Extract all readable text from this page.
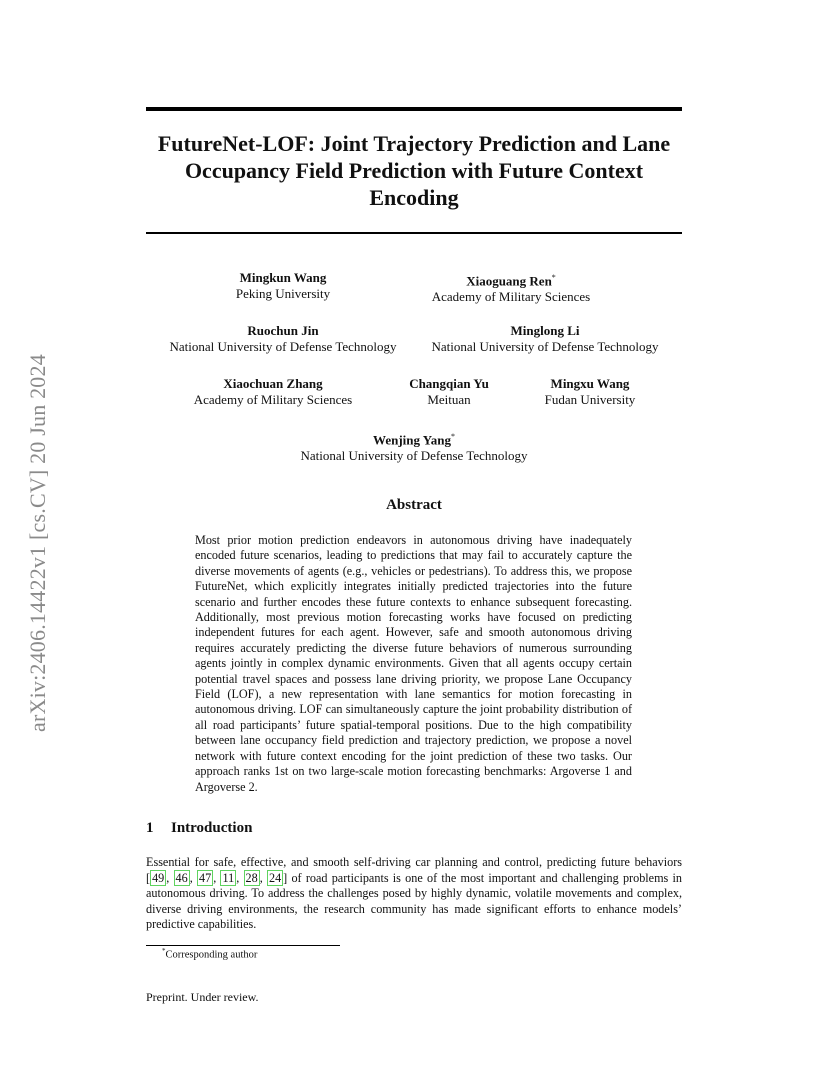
arXiv:2406.14422v1 [cs.CV] 20 Jun 2024
FutureNet-LOF: Joint Trajectory Prediction and Lane
Occupancy Field Prediction with Future Context
Encoding
Mingkun Wang
Peking University
Xiaoguang Ren*
Academy of Military Sciences
Ruochun Jin
National University of Defense Technology
Minglong Li
National University of Defense Technology
Xiaochuan Zhang
Academy of Military Sciences
Changqian Yu
Meituan
Mingxu Wang
Fudan University
Wenjing Yang*
National University of Defense Technology
Abstract
Most prior motion prediction endeavors in autonomous driving have inadequately encoded future scenarios, leading to predictions that may fail to accurately capture the diverse movements of agents (e.g., vehicles or pedestrians). To address this, we propose FutureNet, which explicitly integrates initially predicted trajectories into the future scenario and further encodes these future contexts to enhance subsequent forecasting. Additionally, most previous motion forecasting works have focused on predicting independent futures for each agent. However, safe and smooth autonomous driving requires accurately predicting the diverse future behaviors of numerous surrounding agents jointly in complex dynamic environments. Given that all agents occupy certain potential travel spaces and possess lane driving priority, we propose Lane Occupancy Field (LOF), a new representation with lane semantics for motion forecasting in autonomous driving. LOF can simultaneously capture the joint probability distribution of all road participants’ future spatial-temporal positions. Due to the high compatibility between lane occupancy field prediction and trajectory prediction, we propose a novel network with future context encoding for the joint prediction of these two tasks. Our approach ranks 1st on two large-scale motion forecasting benchmarks: Argoverse 1 and Argoverse 2.
1 Introduction
Essential for safe, effective, and smooth self-driving car planning and control, predicting future behaviors [ 49 , 46 , 47 , 11 , 28 , 24 ] of road participants is one of the most important and challenging problems in autonomous driving. To address the challenges posed by highly dynamic, volatile movements and complex, diverse driving environments, the research community has made significant efforts to enhance models’ predictive capabilities.
*Corresponding author
Preprint. Under review.
